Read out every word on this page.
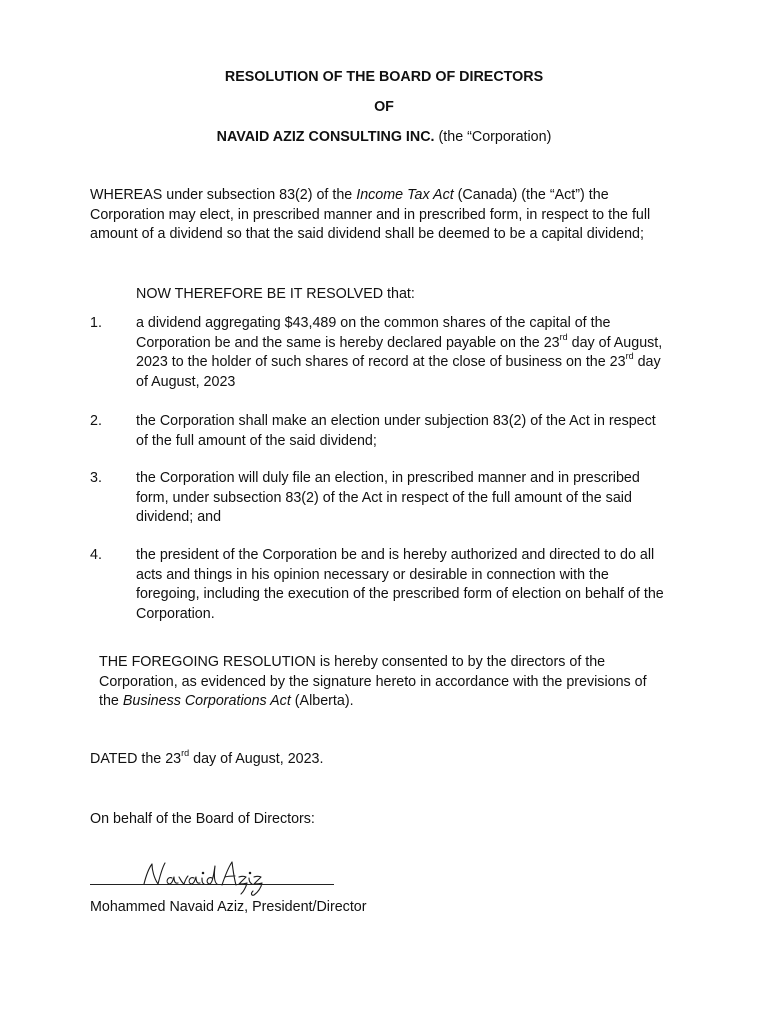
RESOLUTION OF THE BOARD OF DIRECTORS
OF
NAVAID AZIZ CONSULTING INC. (the “Corporation)
WHEREAS under subsection 83(2) of the Income Tax Act (Canada) (the “Act”) the
Corporation may elect, in prescribed manner and in prescribed form, in respect to the full
amount of a dividend so that the said dividend shall be deemed to be a capital dividend;
NOW THEREFORE BE IT RESOLVED that:
1.	a dividend aggregating $43,489 on the common shares of the capital of the
Corporation be and the same is hereby declared payable on the 23rd day of August,
2023 to the holder of such shares of record at the close of business on the 23rd day
of August, 2023
2.	the Corporation shall make an election under subjection 83(2) of the Act in respect
of the full amount of the said dividend;
3.	the Corporation will duly file an election, in prescribed manner and in prescribed
form, under subsection 83(2) of the Act in respect of the full amount of the said
dividend; and
4.	the president of the Corporation be and is hereby authorized and directed to do all
acts and things in his opinion necessary or desirable in connection with the
foregoing, including the execution of the prescribed form of election on behalf of the
Corporation.
THE FOREGOING RESOLUTION is hereby consented to by the directors of the
Corporation, as evidenced by the signature hereto in accordance with the previsions of
the Business Corporations Act (Alberta).
DATED the 23rd day of August, 2023.
On behalf of the Board of Directors:
Mohammed Navaid Aziz, President/Director
